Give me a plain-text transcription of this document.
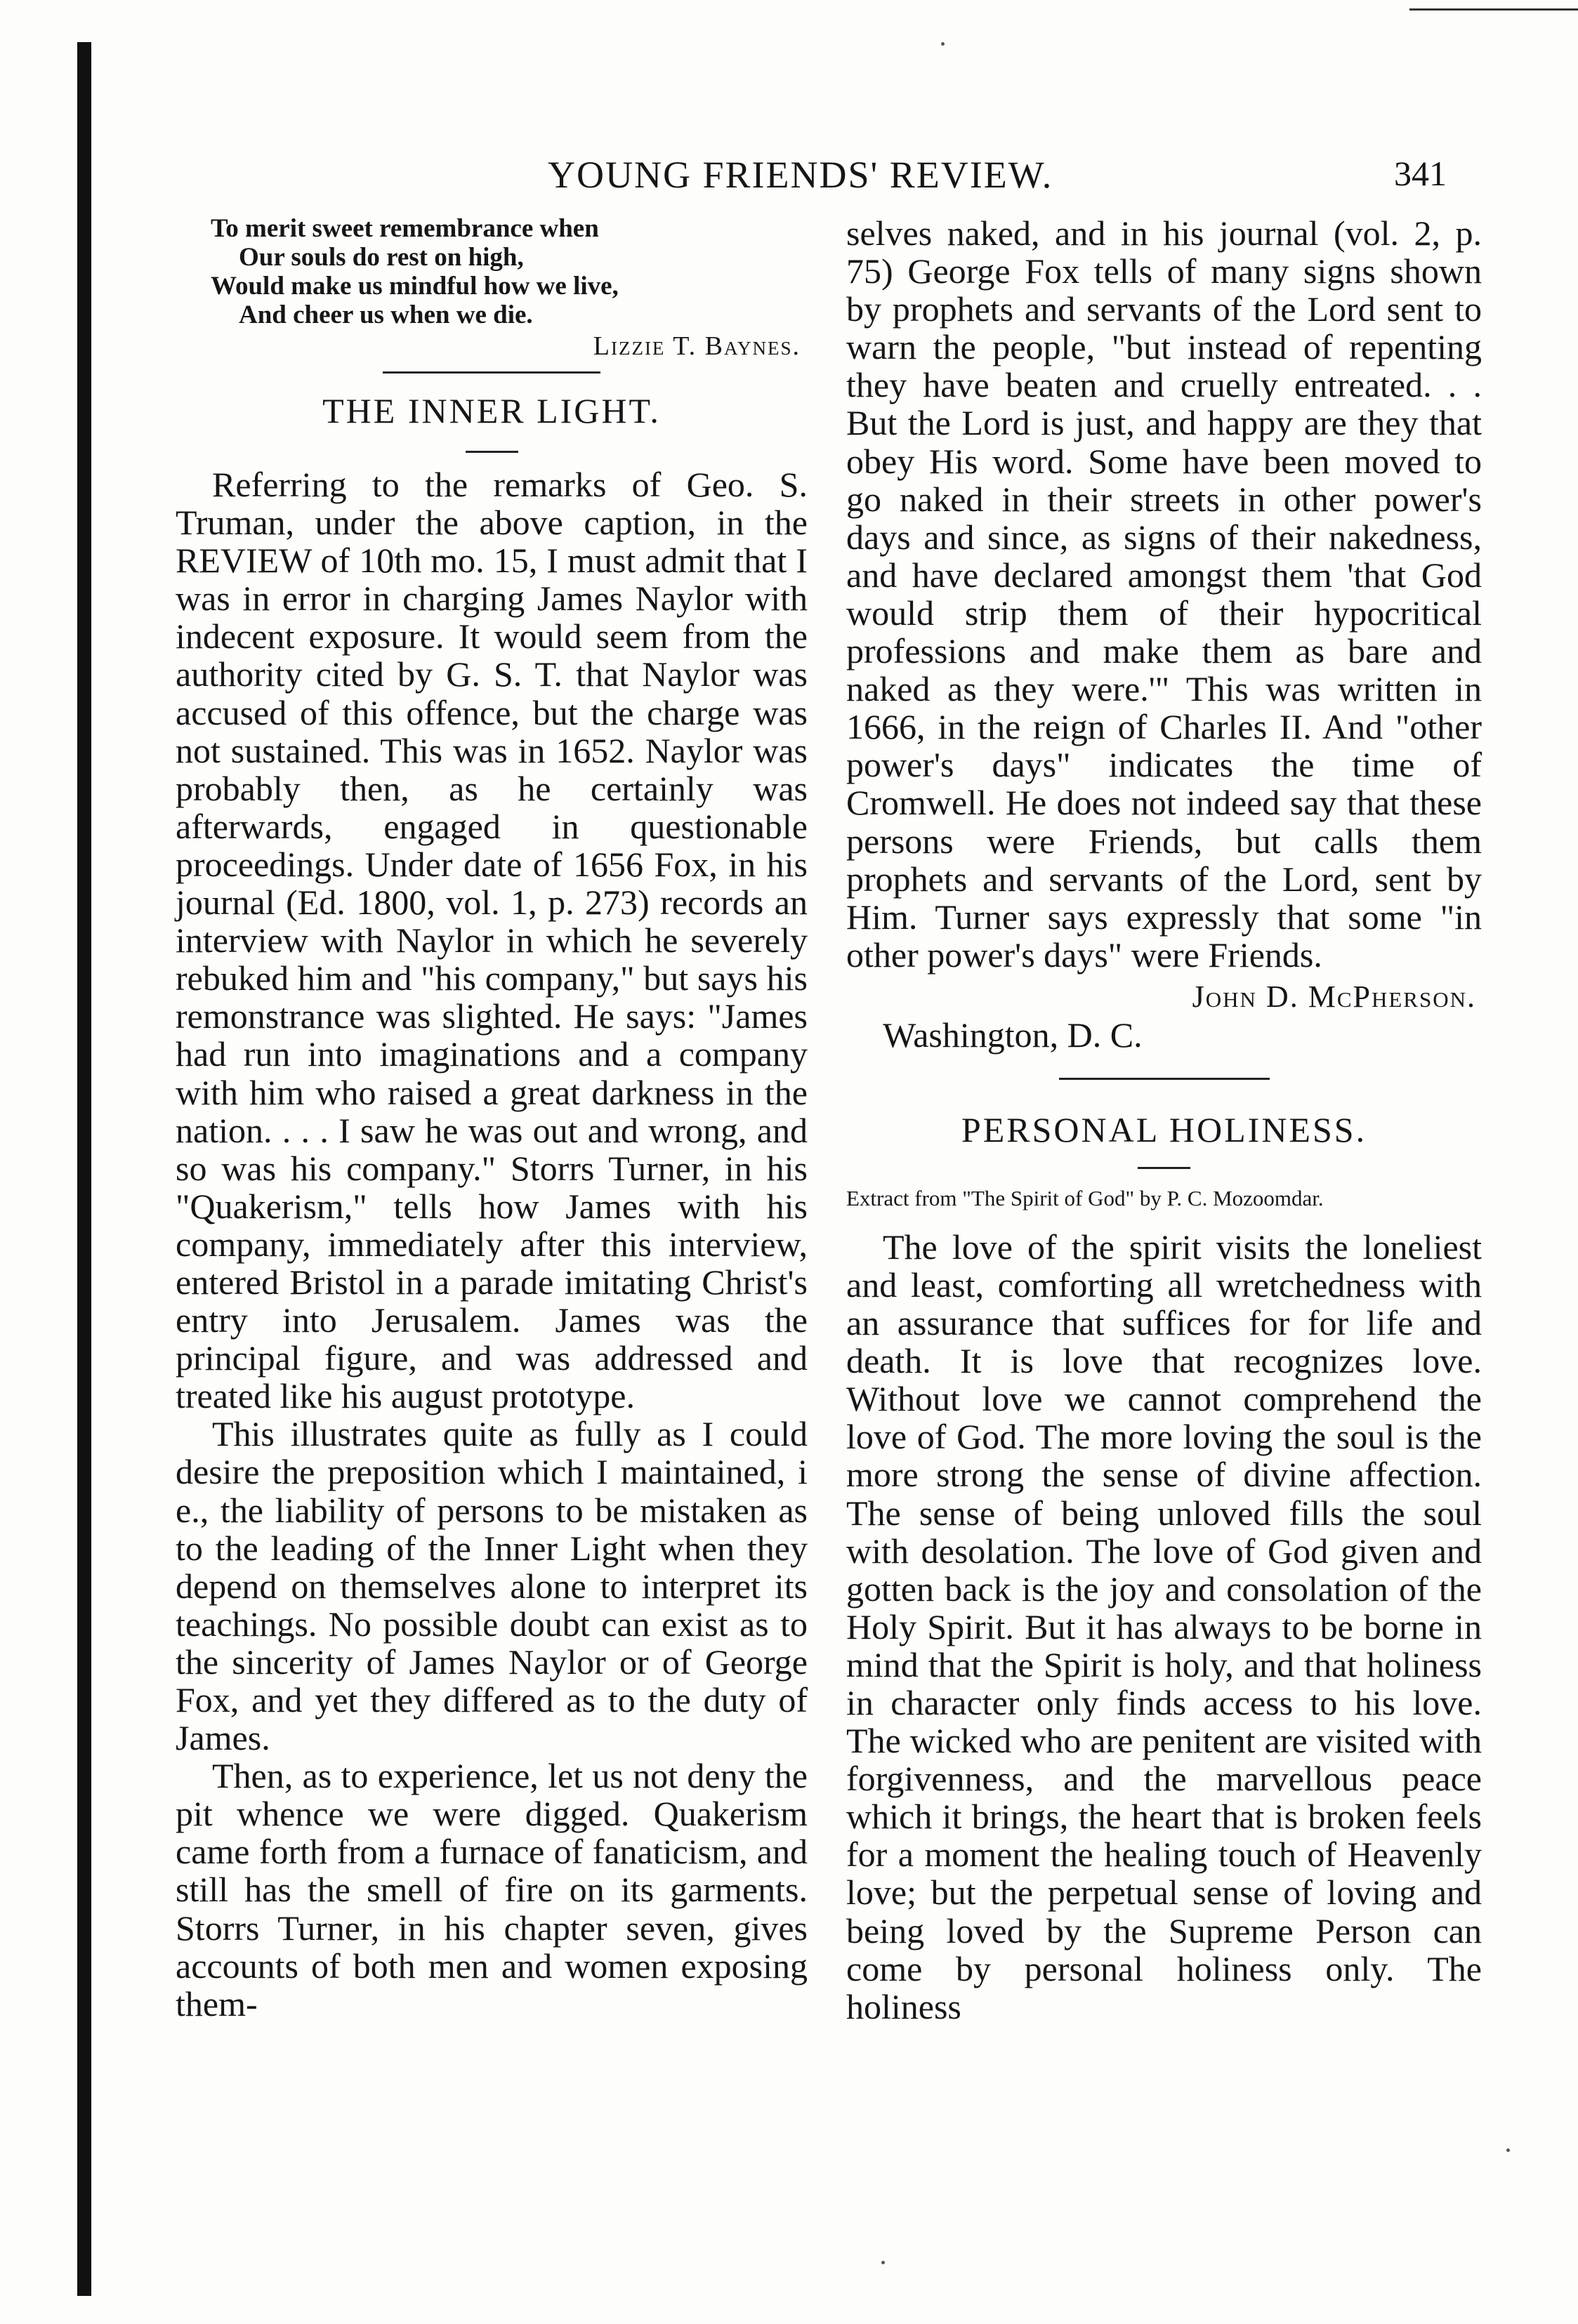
YOUNG FRIENDS' REVIEW.	341
To merit sweet remembrance when
Our souls do rest on high,
Would make us mindful how we live,
And cheer us when we die.
Lizzie T. Baynes.
THE INNER LIGHT.

Referring to the remarks of Geo. S. Truman, under the above caption, in the REVIEW of 10th mo. 15, I must admit that I was in error in charging James Naylor with indecent exposure. It would seem from the authority cited by G. S. T. that Naylor was accused of this offence, but the charge was not sustained. This was in 1652. Naylor was probably then, as he certainly was afterwards, engaged in questionable proceedings. Under date of 1656 Fox, in his journal (Ed. 1800, vol. 1, p. 273) records an interview with Naylor in which he severely rebuked him and "his company," but says his remonstrance was slighted. He says: "James had run into imaginations and a company with him who raised a great darkness in the nation. . . . I saw he was out and wrong, and so was his company." Storrs Turner, in his "Quakerism," tells how James with his company, immediately after this interview, entered Bristol in a parade imitating Christ's entry into Jerusalem. James was the principal figure, and was addressed and treated like his august prototype.

This illustrates quite as fully as I could desire the preposition which I maintained, i e., the liability of persons to be mistaken as to the leading of the Inner Light when they depend on themselves alone to interpret its teachings. No possible doubt can exist as to the sincerity of James Naylor or of George Fox, and yet they differed as to the duty of James.

Then, as to experience, let us not deny the pit whence we were digged. Quakerism came forth from a furnace of fanaticism, and still has the smell of fire on its garments. Storrs Turner, in his chapter seven, gives accounts of both men and women exposing them-

selves naked, and in his journal (vol. 2, p. 75) George Fox tells of many signs shown by prophets and servants of the Lord sent to warn the people, "but instead of repenting they have beaten and cruelly entreated. . . But the Lord is just, and happy are they that obey His word. Some have been moved to go naked in their streets in other power's days and since, as signs of their nakedness, and have declared amongst them 'that God would strip them of their hypocritical professions and make them as bare and naked as they were.'" This was written in 1666, in the reign of Charles II. And "other power's days" indicates the time of Cromwell. He does not indeed say that these persons were Friends, but calls them prophets and servants of the Lord, sent by Him. Turner says expressly that some "in other power's days" were Friends.

John D. McPherson.
Washington, D. C.
PERSONAL HOLINESS.
Extract from "The Spirit of God" by P. C. Mozoomdar.

The love of the spirit visits the loneliest and least, comforting all wretchedness with an assurance that suffices for for life and death. It is love that recognizes love. Without love we cannot comprehend the love of God. The more loving the soul is the more strong the sense of divine affection. The sense of being unloved fills the soul with desolation. The love of God given and gotten back is the joy and consolation of the Holy Spirit. But it has always to be borne in mind that the Spirit is holy, and that holiness in character only finds access to his love. The wicked who are penitent are visited with forgivenness, and the marvellous peace which it brings, the heart that is broken feels for a moment the healing touch of Heavenly love; but the perpetual sense of loving and being loved by the Supreme Person can come by personal holiness only. The holiness
